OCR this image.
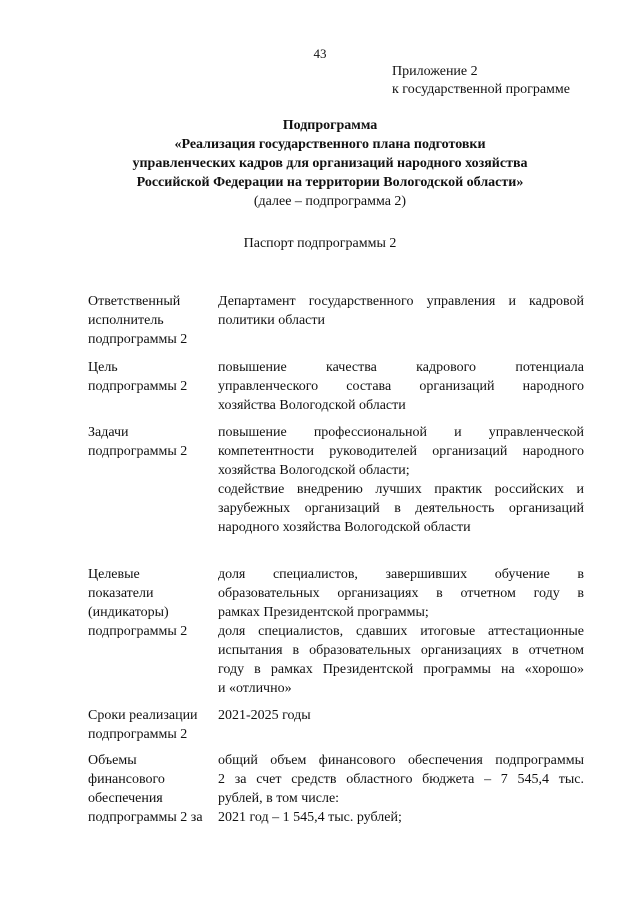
43
Приложение 2
к государственной программе
Подпрограмма
«Реализация государственного плана подготовки
управленческих кадров для организаций народного хозяйства
Российской Федерации на территории Вологодской области»
(далее – подпрограмма 2)
Паспорт подпрограммы 2
Ответственный
исполнитель
подпрограммы 2

Департамент государственного управления и кадровой

политики области

Цель
подпрограммы 2

повышение качества кадрового потенциала

управленческого состава организаций народного

хозяйства Вологодской области

Задачи
подпрограммы 2

повышение профессиональной и управленческой

компетентности руководителей организаций народного

хозяйства Вологодской области;

содействие внедрению лучших практик российских и

зарубежных организаций в деятельность организаций

народного хозяйства Вологодской области

Целевые
показатели
(индикаторы)
подпрограммы 2

доля специалистов, завершивших обучение в

образовательных организациях в отчетном году в

рамках Президентской программы;

доля специалистов, сдавших итоговые аттестационные

испытания в образовательных организациях в отчетном

году в рамках Президентской программы на «хорошо»

и «отлично»

Сроки реализации
подпрограммы 2

2021-2025 годы

Объемы
финансового
обеспечения
подпрограммы 2 за

общий объем финансового обеспечения подпрограммы

2 за счет средств областного бюджета – 7 545,4 тыс.

рублей, в том числе:

2021 год – 1 545,4 тыс. рублей;
